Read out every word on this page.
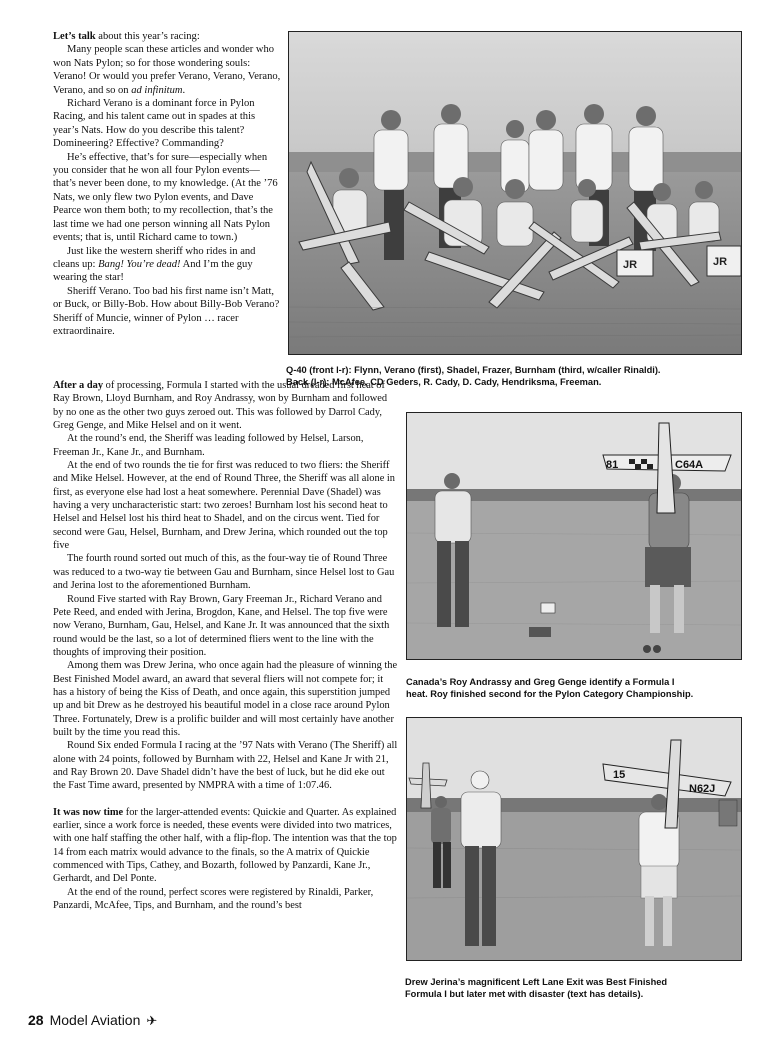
Let’s talk about this year’s racing:

Many people scan these articles and wonder who won Nats Pylon; so for those wondering souls: Verano! Or would you prefer Verano, Verano, Verano, Verano, and so on ad infinitum.

Richard Verano is a dominant force in Pylon Racing, and his talent came out in spades at this year’s Nats. How do you describe this talent? Domineering? Effective? Commanding?

He’s effective, that’s for sure—especially when you consider that he won all four Pylon events—that’s never been done, to my knowledge. (At the ’76 Nats, we only flew two Pylon events, and Dave Pearce won them both; to my recollection, that’s the last time we had one person winning all Nats Pylon events; that is, until Richard came to town.)

Just like the western sheriff who rides in and cleans up: Bang! You’re dead! And I’m the guy wearing the star!

Sheriff Verano. Too bad his first name isn’t Matt, or Buck, or Billy-Bob. How about Billy-Bob Verano? Sheriff of Muncie, winner of Pylon … racer extraordinaire.

JR	JR
Q-40 (front l-r): Flynn, Verano (first), Shadel, Frazer, Burnham (third, w/caller Rinaldi).
Back (l-r): McAfee, CD Geders, R. Cady, D. Cady, Hendriksma, Freeman.

After a day of processing, Formula I started with the usual dreaded first heat of Ray Brown, Lloyd Burnham, and Roy Andrassy, won by Burnham and followed by no one as the other two guys zeroed out. This was followed by Darrol Cady, Greg Genge, and Mike Helsel and on it went.

At the round’s end, the Sheriff was leading followed by Helsel, Larson, Freeman Jr., Kane Jr., and Burnham.

At the end of two rounds the tie for first was reduced to two fliers: the Sheriff and Mike Helsel. However, at the end of Round Three, the Sheriff was all alone in first, as everyone else had lost a heat somewhere. Perennial Dave (Shadel) was having a very uncharacteristic start: two zeroes! Burnham lost his second heat to Helsel and Helsel lost his third heat to Shadel, and on the circus went. Tied for second were Gau, Helsel, Burnham, and Drew Jerina, which rounded out the top five

The fourth round sorted out much of this, as the four-way tie of Round Three was reduced to a two-way tie between Gau and Burnham, since Helsel lost to Gau and Jerina lost to the aforementioned Burnham.

Round Five started with Ray Brown, Gary Freeman Jr., Richard Verano and Pete Reed, and ended with Jerina, Brogdon, Kane, and Helsel. The top five were now Verano, Burnham, Gau, Helsel, and Kane Jr. It was announced that the sixth round would be the last, so a lot of determined fliers went to the line with the thoughts of improving their position.

Among them was Drew Jerina, who once again had the pleasure of winning the Best Finished Model award, an award that several fliers will not compete for; it has a history of being the Kiss of Death, and once again, this superstition jumped up and bit Drew as he destroyed his beautiful model in a close race around Pylon Three. Fortunately, Drew is a prolific builder and will most certainly have another built by the time you read this.

Round Six ended Formula I racing at the ’97 Nats with Verano (The Sheriff) all alone with 24 points, followed by Burnham with 22, Helsel and Kane Jr with 21, and Ray Brown 20. Dave Shadel didn’t have the best of luck, but he did eke out the Fast Time award, presented by NMPRA with a time of 1:07.46.

It was now time for the larger-attended events: Quickie and Quarter. As explained earlier, since a work force is needed, these events were divided into two matrices, with one half staffing the other half, with a flip-flop. The intention was that the top 14 from each matrix would advance to the finals, so the A matrix of Quickie commenced with Tips, Cathey, and Bozarth, followed by Panzardi, Kane Jr., Gerhardt, and Del Ponte.

At the end of the round, perfect scores were registered by Rinaldi, Parker, Panzardi, McAfee, Tips, and Burnham, and the round’s best

81	C64A
Canada’s Roy Andrassy and Greg Genge identify a Formula I
heat. Roy finished second for the Pylon Category Championship.
15
N62J
Drew Jerina’s magnificent Left Lane Exit was Best Finished
Formula I but later met with disaster (text has details).
28 Model Aviation ✈
